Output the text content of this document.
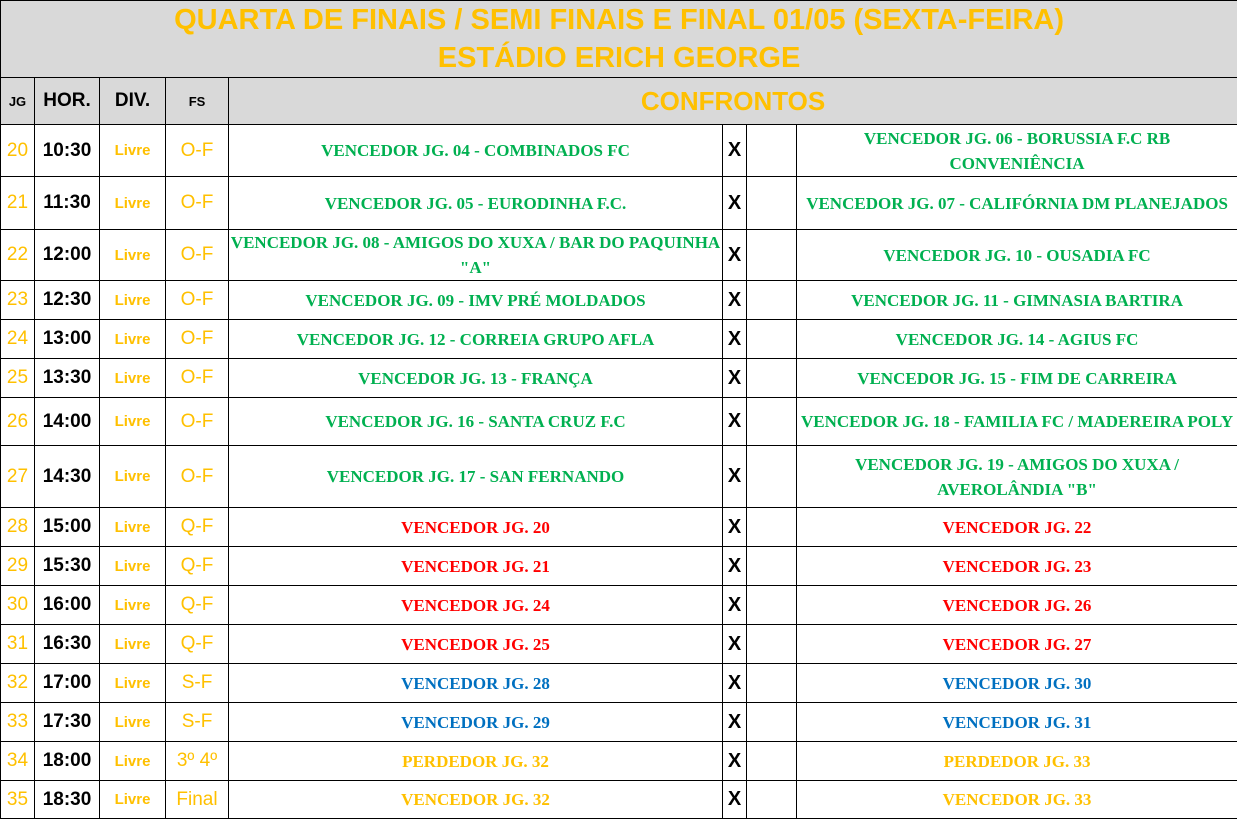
QUARTA DE FINAIS / SEMI FINAIS E FINAL 01/05 (SEXTA-FEIRA)
ESTÁDIO ERICH GEORGE							

JG	HOR.	DIV.	FS	CONFRONTOS			
20	10:30	Livre	O-F	VENCEDOR JG. 04 - COMBINADOS FC	X		VENCEDOR JG. 06 - BORUSSIA F.C RB CONVENIÊNCIA
21	11:30	Livre	O-F	VENCEDOR JG. 05 - EURODINHA F.C.	X		VENCEDOR JG. 07 - CALIFÓRNIA DM PLANEJADOS
22	12:00	Livre	O-F	VENCEDOR JG. 08 - AMIGOS DO XUXA / BAR DO PAQUINHA "A"	X		VENCEDOR JG. 10 - OUSADIA FC
23	12:30	Livre	O-F	VENCEDOR JG. 09 - IMV PRÉ MOLDADOS	X		VENCEDOR JG. 11 - GIMNASIA BARTIRA
24	13:00	Livre	O-F	VENCEDOR JG. 12 - CORREIA GRUPO AFLA	X		VENCEDOR JG. 14 - AGIUS FC
25	13:30	Livre	O-F	VENCEDOR JG. 13 - FRANÇA	X		VENCEDOR JG. 15 - FIM DE CARREIRA
26	14:00	Livre	O-F	VENCEDOR JG. 16 - SANTA CRUZ F.C	X		VENCEDOR JG. 18 - FAMILIA FC / MADEREIRA POLY
27	14:30	Livre	O-F	VENCEDOR JG. 17 - SAN FERNANDO	X		VENCEDOR JG. 19 - AMIGOS DO XUXA / AVEROLÂNDIA "B"
28	15:00	Livre	Q-F	VENCEDOR JG. 20	X		VENCEDOR JG. 22
29	15:30	Livre	Q-F	VENCEDOR JG. 21	X		VENCEDOR JG. 23
30	16:00	Livre	Q-F	VENCEDOR JG. 24	X		VENCEDOR JG. 26
31	16:30	Livre	Q-F	VENCEDOR JG. 25	X		VENCEDOR JG. 27
32	17:00	Livre	S-F	VENCEDOR JG. 28	X		VENCEDOR JG. 30
33	17:30	Livre	S-F	VENCEDOR JG. 29	X		VENCEDOR JG. 31
34	18:00	Livre	3º 4º	PERDEDOR JG. 32	X		PERDEDOR JG. 33
35	18:30	Livre	Final	VENCEDOR JG. 32	X		VENCEDOR JG. 33
